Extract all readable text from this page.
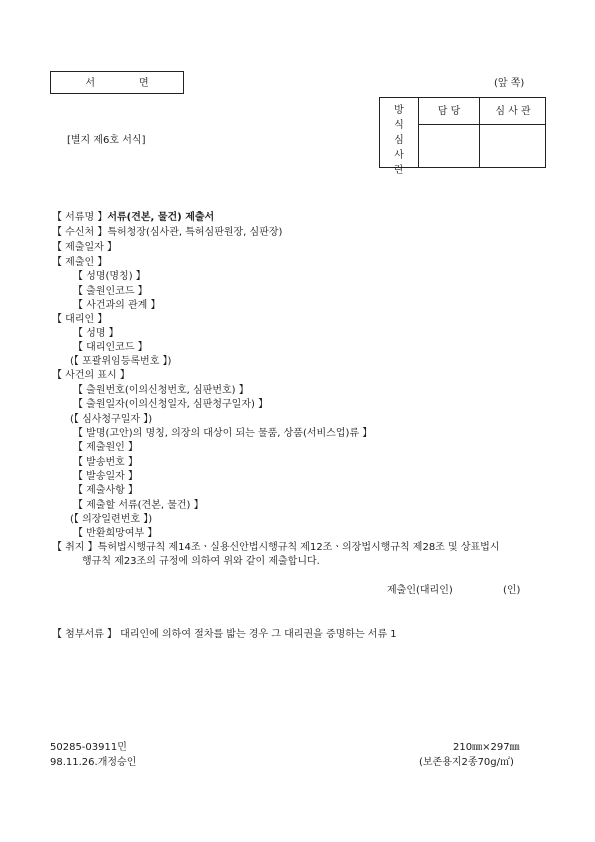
서	면	(앞 쪽)
[별지 제6호 서식]
방
식
심
사
란
담 당	심 사 관
【 서류명 】서류(견본, 물건) 제출서
【 수신처 】특허청장(심사관, 특허심판원장, 심판장)
【 제출일자 】
【 제출인 】
【 성명(명칭) 】
【 출원인코드 】
【 사건과의 관계 】
【 대리인 】
【 성명 】
【 대리인코드 】
(【 포괄위임등록번호 】)
【 사건의 표시 】
【 출원번호(이의신청번호, 심판번호) 】
【 출원일자(이의신청일자, 심판청구일자) 】
(【 심사청구일자 】)
【 발명(고안)의 명칭, 의장의 대상이 되는 물품, 상품(서비스업)류 】
【 제출원인 】
【 발송번호 】
【 발송일자 】
【 제출사항 】
【 제출할 서류(견본, 물건) 】
(【 의장일련번호 】)
【 반환희망여부 】
【 취지 】특허법시행규칙 제14조ㆍ실용신안법시행규칙 제12조ㆍ의장법시행규칙 제28조 및 상표법시
행규칙 제23조의 규정에 의하여 위와 같이 제출합니다.
제출인(대리인)	(인)
【 첨부서류 】 대리인에 의하여 절차를 밟는 경우 그 대리권을 증명하는 서류 1
50285-03911민
98.11.26.개정승인
210㎜×297㎜
(보존용지2종70g/㎡)
